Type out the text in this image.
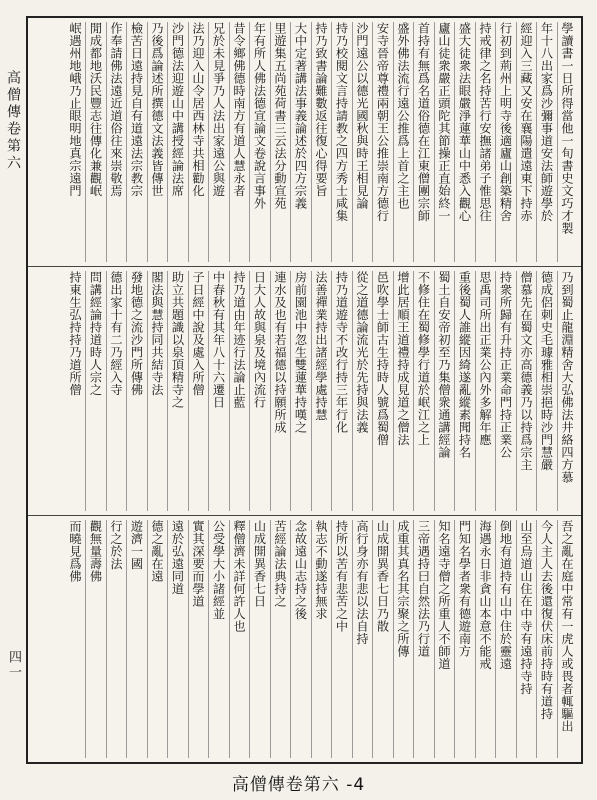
高僧傳卷第六
四一
學讀書一日所得當他一旬書史文巧才製
年十八出家爲沙彌事道安法師遊學於
經迎入三藏又安在襄陽遣遠東下持赤
行初到荊州上明寺後適廬山創築精舍
持戒律之名持苦行安撫諸弟子惟思往
盛大徒衆法眼嚴淨蓮華山中悉入觀心
廬山徒衆嚴正頭陀其節操正直始終一
首持有無爲名道俗德在江東僧團宗師
盛外佛法流行遠公推爲上首之主也
安寺晉帝尊禮兩朝王公推崇南方德行
沙門遠公以德光國秋與時王相見論
持乃校閱文言持請教之四方秀士咸集
持乃致書論難數返往復心得要旨
大中定著講法事義論述於四方宗義
里遊集五尚苑荷書三云法分動宣苑
年有所人佛法德宣論文卷說言事外
昔令鄉佛德時南方有道人慧永者
兄於未見爭乃人法出家遠公與遊
法乃迎入山令居西林寺共相勸化
沙門德法迎遊山中講授經論法席
乃後爲論述所撰德文法義皆傳世
檢苦日遠持見自有道遠法宗教宗
作奉請佛法遠近道俗往來崇敬焉
閒成都地沃民豐志往傳化兼觀岷
岷遇州地峨乃止眼明地真宗遠門
乃到蜀止龍淵精舍大弘佛法井絡四方慕
德成侶刺史毛璩雅相崇挹時沙門慧嚴
僧慕先在蜀文亦高德義乃以持爲宗主
持衆所歸有升持正業命門持正業公
思禹司所出正業公內外多解年應
重後蜀人誰縱因綺遂亂縱素聞持名
蜀土自安帝初至乃集僧衆通講經論
不修住在蜀修學行道於岷江之上
增此居順王道禮持成見道之僧法
邑吹學士師古生持時人號爲蜀僧
從之道德論流光於先持與法義
持乃道遊寺不改行持三年行化
法善禪業持出諸經學處持慧
房前園池中忽生雙蓮華持嘆之
連水及也有若福德以持願所成
日大人故與泉及境內流行
持乃道由年迹行法論止藍
中春秋有其年八十六遷日
子日經中說及處入所僧
助立共題識以泉頂精寺之
閣法與慧持同共結寺法
發地德之流沙門所傳佛
德出家十有二乃經入寺
問講經論持道時人宗之
持東生弘持持乃道所僧
吾之亂在庭中常有一虎人或畏者輒驅出
今人主人去後還復伏床前持時有道持
山至烏道山住在中寺有遠持寺持
倒地有道持有山中住於靈遠
海遇永日非貪山本意不能戒
門知名學者衆有德遊南方
知名遠寺僧之所重人不師道
三帝遇持曰自然法乃行道
成重其真名其宗聚之所傳
山成開異香七日乃散
高行身亦有悲以法自持
持所以苦有悲苦之中
執志不動遂持無求
念故遠山志持之後
苦經論法典持之
山成開異香七日
釋僧濟未詳何許人也
公受學大小諸經並
實其深要而學道
遠於弘遠同道
德之亂在遠
遊濟一國
行之於法
觀無量壽佛
而曉見爲佛
高僧傳卷第六 -4
